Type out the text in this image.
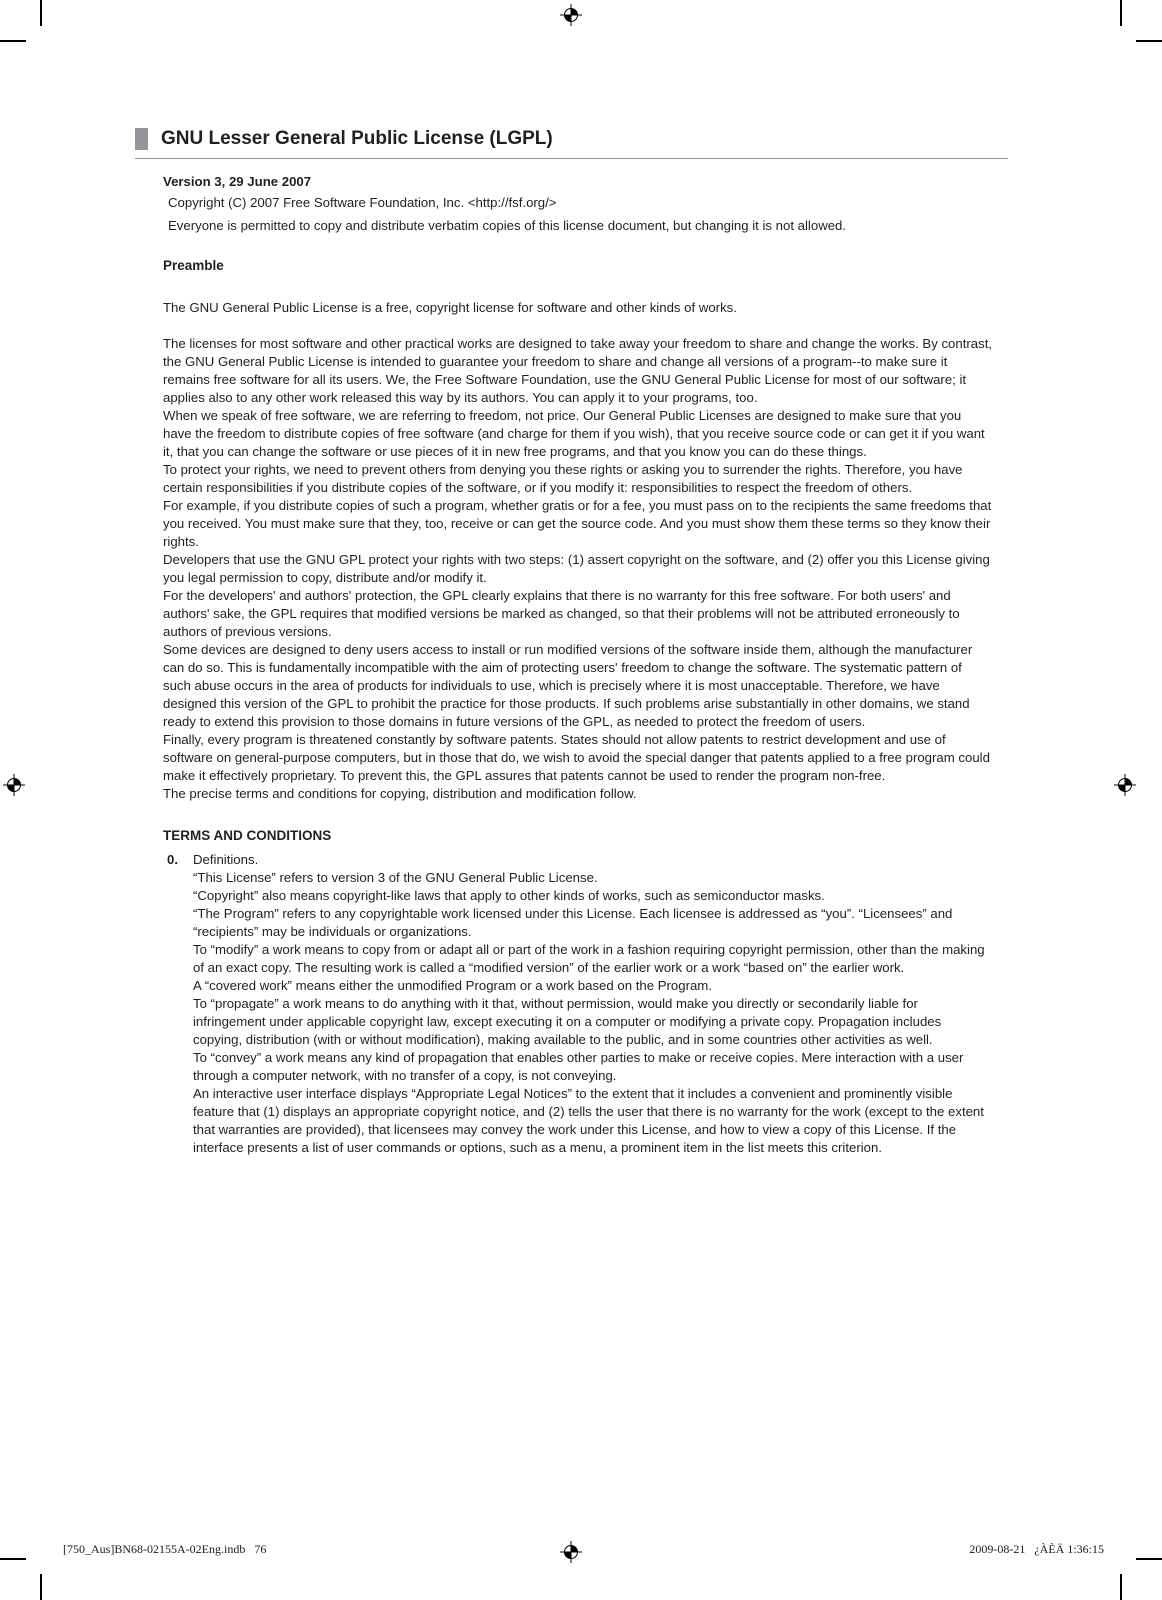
GNU Lesser General Public License (LGPL)

Version 3, 29 June 2007

Copyright (C) 2007 Free Software Foundation, Inc. <http://fsf.org/>

Everyone is permitted to copy and distribute verbatim copies of this license document, but changing it is not allowed.

Preamble

The GNU General Public License is a free, copyright license for software and other kinds of works.

The licenses for most software and other practical works are designed to take away your freedom to share and change the works. By contrast, the GNU General Public License is intended to guarantee your freedom to share and change all versions of a program--to make sure it remains free software for all its users. We, the Free Software Foundation, use the GNU General Public License for most of our software; it applies also to any other work released this way by its authors. You can apply it to your programs, too.

When we speak of free software, we are referring to freedom, not price. Our General Public Licenses are designed to make sure that you have the freedom to distribute copies of free software (and charge for them if you wish), that you receive source code or can get it if you want it, that you can change the software or use pieces of it in new free programs, and that you know you can do these things.

To protect your rights, we need to prevent others from denying you these rights or asking you to surrender the rights. Therefore, you have certain responsibilities if you distribute copies of the software, or if you modify it: responsibilities to respect the freedom of others.

For example, if you distribute copies of such a program, whether gratis or for a fee, you must pass on to the recipients the same freedoms that you received. You must make sure that they, too, receive or can get the source code. And you must show them these terms so they know their rights.

Developers that use the GNU GPL protect your rights with two steps: (1) assert copyright on the software, and (2) offer you this License giving you legal permission to copy, distribute and/or modify it.

For the developers' and authors' protection, the GPL clearly explains that there is no warranty for this free software. For both users' and authors' sake, the GPL requires that modified versions be marked as changed, so that their problems will not be attributed erroneously to authors of previous versions.

Some devices are designed to deny users access to install or run modified versions of the software inside them, although the manufacturer can do so. This is fundamentally incompatible with the aim of protecting users' freedom to change the software. The systematic pattern of such abuse occurs in the area of products for individuals to use, which is precisely where it is most unacceptable. Therefore, we have designed this version of the GPL to prohibit the practice for those products. If such problems arise substantially in other domains, we stand ready to extend this provision to those domains in future versions of the GPL, as needed to protect the freedom of users.

Finally, every program is threatened constantly by software patents. States should not allow patents to restrict development and use of software on general-purpose computers, but in those that do, we wish to avoid the special danger that patents applied to a free program could make it effectively proprietary. To prevent this, the GPL assures that patents cannot be used to render the program non-free.

The precise terms and conditions for copying, distribution and modification follow.

TERMS AND CONDITIONS
0.	Definitions.

“This License” refers to version 3 of the GNU General Public License.

“Copyright” also means copyright-like laws that apply to other kinds of works, such as semiconductor masks.

“The Program” refers to any copyrightable work licensed under this License. Each licensee is addressed as “you”. “Licensees” and “recipients” may be individuals or organizations.

To “modify” a work means to copy from or adapt all or part of the work in a fashion requiring copyright permission, other than the making of an exact copy. The resulting work is called a “modified version” of the earlier work or a work “based on” the earlier work.

A “covered work” means either the unmodified Program or a work based on the Program.

To “propagate” a work means to do anything with it that, without permission, would make you directly or secondarily liable for infringement under applicable copyright law, except executing it on a computer or modifying a private copy. Propagation includes copying, distribution (with or without modification), making available to the public, and in some countries other activities as well.

To “convey” a work means any kind of propagation that enables other parties to make or receive copies. Mere interaction with a user through a computer network, with no transfer of a copy, is not conveying.

An interactive user interface displays “Appropriate Legal Notices” to the extent that it includes a convenient and prominently visible feature that (1) displays an appropriate copyright notice, and (2) tells the user that there is no warranty for the work (except to the extent that warranties are provided), that licensees may convey the work under this License, and how to view a copy of this License. If the interface presents a list of user commands or options, such as a menu, a prominent item in the list meets this criterion.

[750_Aus]BN68-02155A-02Eng.indb   76	2009-08-21   ¿ÀÈÄ 1:36:15
